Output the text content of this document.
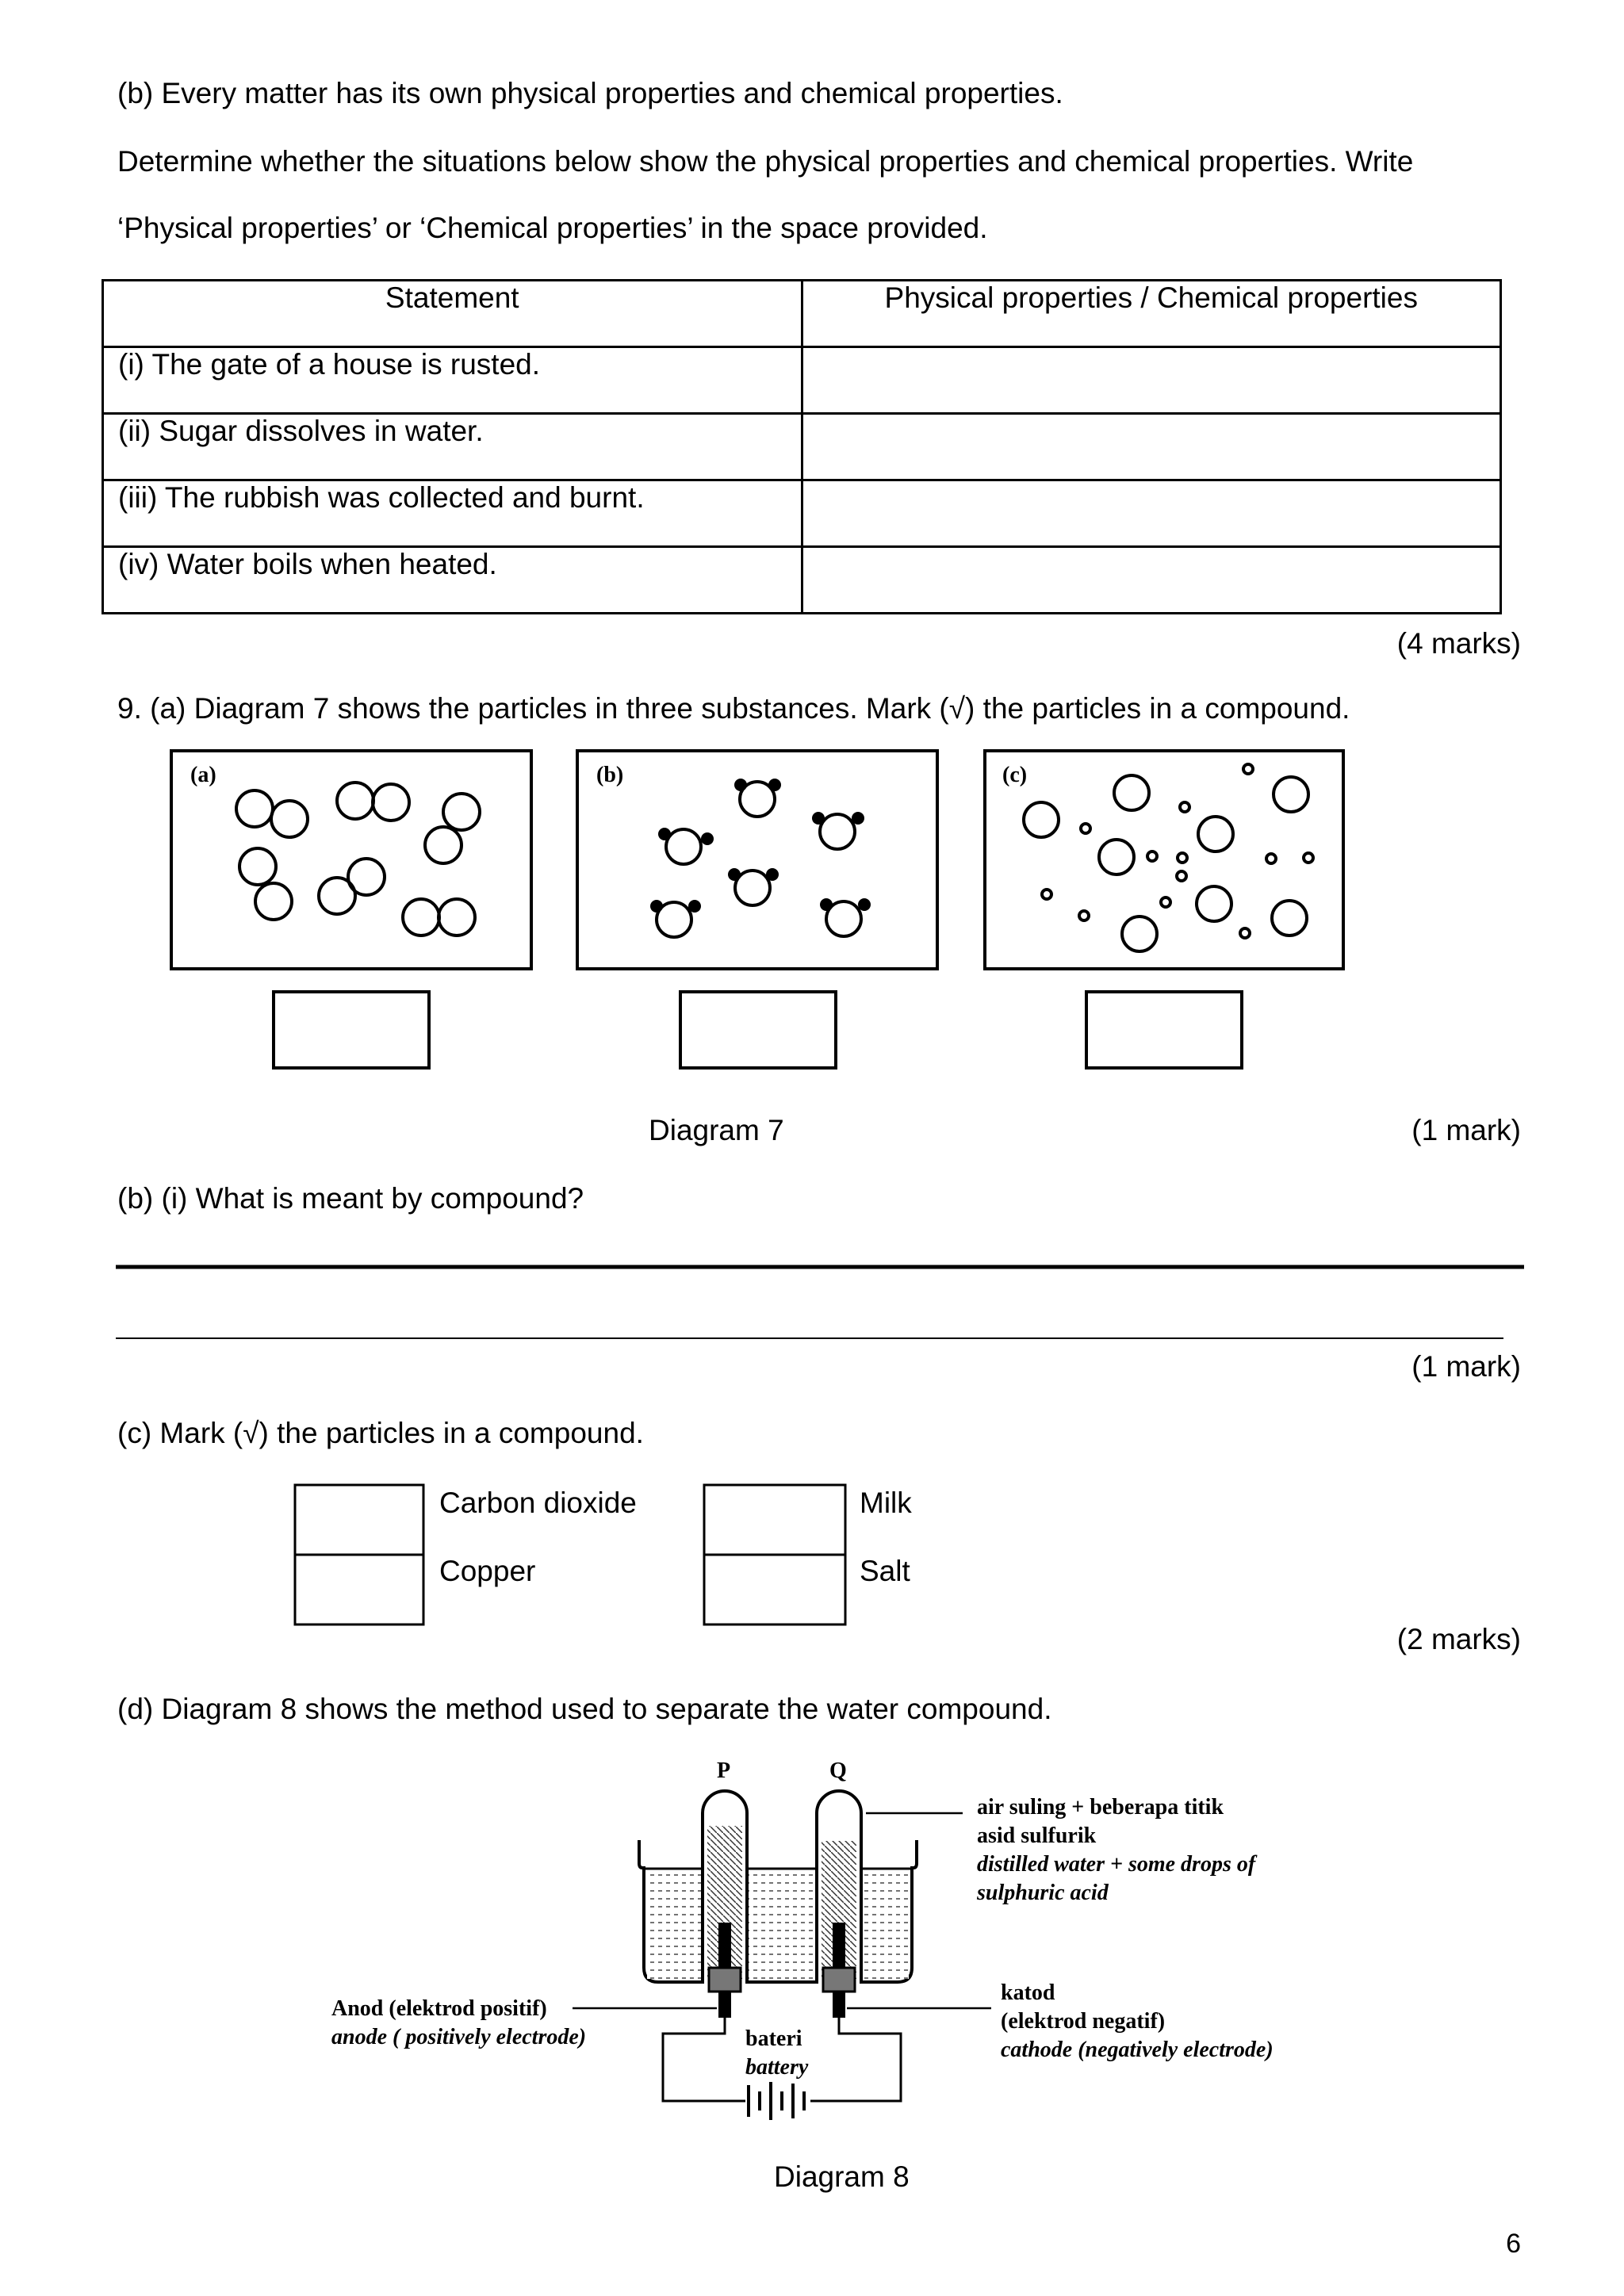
(b) Every matter has its own physical properties and chemical properties.
Determine whether the situations below show the physical properties and chemical properties. Write
‘Physical properties’ or ‘Chemical properties’ in the space provided.
Statement	Physical properties / Chemical properties
(i) The gate of a house is rusted.	
(ii) Sugar dissolves in water.	
(iii) The rubbish was collected and burnt.	
(iv) Water boils when heated.	
(4 marks)
9. (a) Diagram 7 shows the particles in three substances. Mark (√) the particles in a compound.
(a)	(b)	(c)
Diagram 7	(1 mark)
(b) (i) What is meant by compound?
(1 mark)
(c) Mark (√) the particles in a compound.
Carbon dioxide
Copper
Milk
Salt
(2 marks)
(d) Diagram 8 shows the method used to separate the water compound.
P	Q
air suling + beberapa titik
asid sulfurik
distilled water + some drops of
sulphuric acid
Anod (elektrod positif)
anode ( positively electrode)	bateri
battery
katod
(elektrod negatif)
cathode (negatively electrode)
Diagram 8
6
